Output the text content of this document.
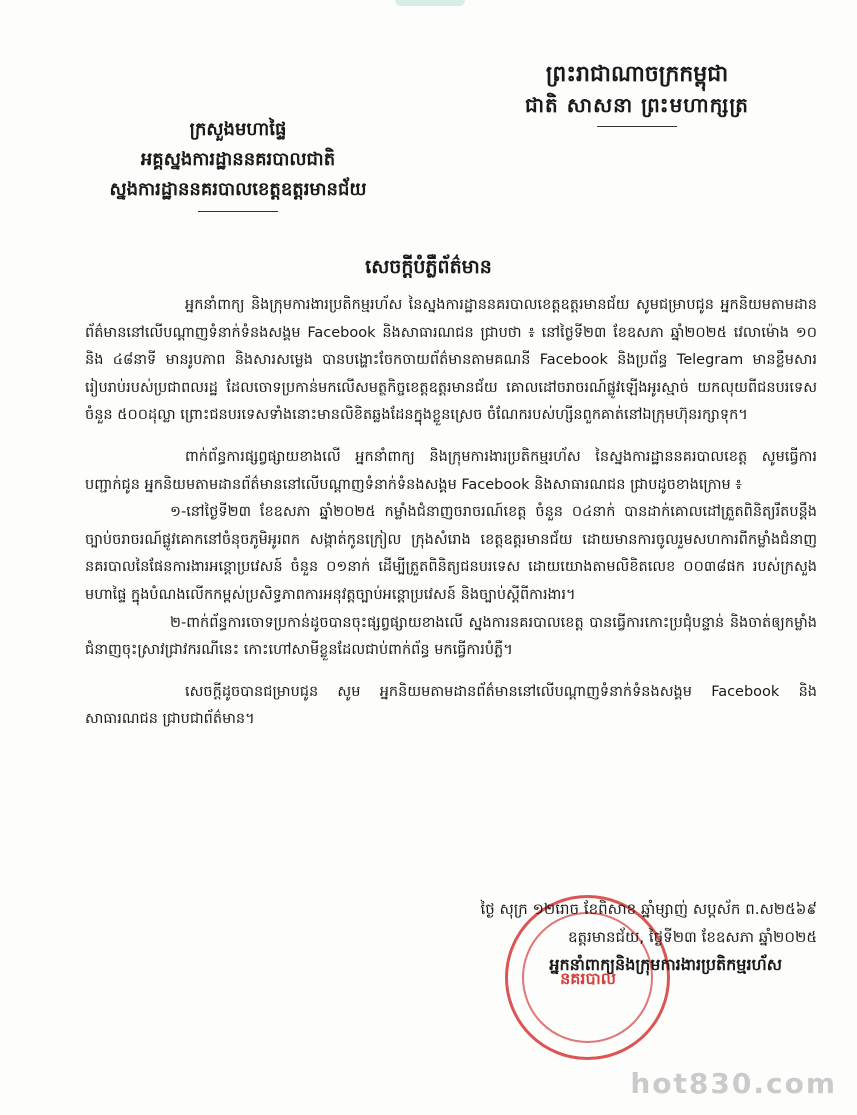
ព្រះរាជាណាចក្រកម្ពុជា
ជាតិ សាសនា ព្រះមហាក្សត្រ
ក្រសួងមហាផ្ទៃ
អគ្គស្នងការដ្ឋាននគរបាលជាតិ
ស្នងការដ្ឋាននគរបាលខេត្តឧត្តរមានជ័យ
សេចក្តីបំភ្លឺព័ត៌មាន

អ្នកនាំពាក្យ និងក្រុមការងារប្រតិកម្មរហ័ស នៃស្នងការដ្ឋាននគរបាលខេត្តឧត្តរមានជ័យ សូមជម្រាបជូន អ្នកនិយមតាមដានព័ត៌មាននៅលើបណ្តាញទំនាក់ទំនងសង្គម Facebook និងសាធារណជន ជ្រាបថា ៖ នៅថ្ងៃទី២៣ ខែឧសភា ឆ្នាំ២០២៥ វេលាម៉ោង ១០ និង ៤៨នាទី មានរូបភាព និងសារសម្លេង បានបង្ហោះចែកចាយព័ត៌មានតាមគណនី Facebook និងប្រព័ន្ធ Telegram មានខ្លឹមសារ រៀបរាប់របស់ប្រជាពលរដ្ឋ ដែលចោទប្រកាន់មកលើសមត្ថកិច្ចខេត្តឧត្តរមានជ័យ គោលដៅចរាចរណ៍ផ្លូវឡើងអូរស្មាច់ យកលុយពីជនបរទេសចំនួន ៥០០ដុល្លា ព្រោះជនបរទេសទាំងនោះមានលិខិតឆ្លងដែនក្នុងខ្លួនស្រេច ចំណែករបស់ហ្សីនពួកគាត់នៅឯក្រុមហ៊ុនរក្សាទុក។

ពាក់ព័ន្ធការផ្សព្វផ្សាយខាងលើ អ្នកនាំពាក្យ និងក្រុមការងារប្រតិកម្មរហ័ស នៃស្នងការដ្ឋាននគរបាលខេត្ត សូមធ្វើការបញ្ជាក់ជូន អ្នកនិយមតាមដានព័ត៌មាននៅលើបណ្តាញទំនាក់ទំនងសង្គម Facebook និងសាធារណជន ជ្រាបដូចខាងក្រោម ៖

១-នៅថ្ងៃទី២៣ ខែឧសភា ឆ្នាំ២០២៥ កម្លាំងជំនាញចរាចរណ៍ខេត្ត ចំនួន ០៤នាក់ បានដាក់គោលដៅត្រួតពិនិត្យរឹតបន្តឹងច្បាប់ចរាចរណ៍ផ្លូវគោកនៅចំនុចភូមិអូរពក សង្កាត់កូនក្រៀល ក្រុងសំរោង ខេត្តឧត្តរមានជ័យ ដោយមានការចូលរួមសហការពីកម្លាំងជំនាញនគរបាលនៃផែនការងារអន្តោប្រវេសន៍ ចំនួន ០១នាក់ ដើម្បីត្រួតពិនិត្យជនបរទេស ដោយយោងតាមលិខិតលេខ ០០៣៨ផក របស់ក្រសួងមហាផ្ទៃ ក្នុងបំណងលើកកម្ពស់ប្រសិទ្ធភាពការអនុវត្តច្បាប់អន្តោប្រវេសន៍ និងច្បាប់ស្តីពីការងារ។

២-ពាក់ព័ន្ធការចោទប្រកាន់ដូចបានចុះផ្សព្វផ្សាយខាងលើ ស្នងការនគរបាលខេត្ត បានធ្វើការកោះប្រជុំបន្ទាន់ និងចាត់ឲ្យកម្លាំងជំនាញចុះស្រាវជ្រាវករណីនេះ កោះហៅសាមីខ្លួនដែលជាប់ពាក់ព័ន្ធ មកធ្វើការបំភ្លឺ។

សេចក្តីដូចបានជម្រាបជូន សូម អ្នកនិយមតាមដានព័ត៌មាននៅលើបណ្តាញទំនាក់ទំនងសង្គម Facebook និងសាធារណជន ជ្រាបជាព័ត៌មាន។

នគរបាល
ថ្ងៃ សុក្រ ១២រោច ខែពិសាខ ឆ្នាំម្សាញ់ សប្តស័ក ព.ស២៥៦៩
ឧត្តរមានជ័យ, ថ្ងៃទី២៣ ខែឧសភា ឆ្នាំ២០២៥
អ្នកនាំពាក្យនិងក្រុមការងារប្រតិកម្មរហ័ស
hot830.com
